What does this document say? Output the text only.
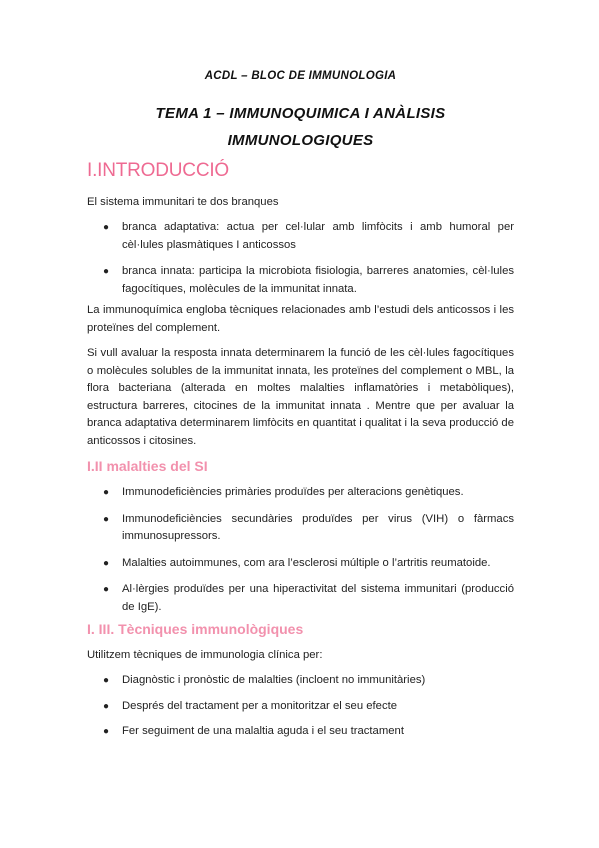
ACDL – BLOC DE IMMUNOLOGIA
TEMA 1 – IMMUNOQUIMICA I ANÀLISIS
IMMUNOLOGIQUES
I.INTRODUCCIÓ
El sistema immunitari te dos branques
● branca adaptativa: actua per cel·lular amb limfòcits i amb humoral per cèl·lules plasmàtiques I anticossos
● branca innata: participa la microbiota fisiologia, barreres anatomies, cèl·lules fagocítiques, molècules de la immunitat innata.
La immunoquímica engloba tècniques relacionades amb l’estudi dels anticossos i les proteïnes del complement.
Si vull avaluar la resposta innata determinarem la funció de les cèl·lules fagocítiques o molècules solubles de la immunitat innata, les proteïnes del complement o MBL, la flora bacteriana (alterada en moltes malalties inflamatòries i metabòliques), estructura barreres, citocines de la immunitat innata . Mentre que per avaluar la branca adaptativa determinarem limfòcits en quantitat i qualitat i la seva producció de anticossos i citosines.
I.II malalties del SI
● Immunodeficiències primàries produïdes per alteracions genètiques.
● Immunodeficiències secundàries produïdes per virus (VIH) o fàrmacs immunosupressors.
● Malalties autoimmunes, com ara l’esclerosi múltiple o l’artritis reumatoide.
● Al·lèrgies produïdes per una hiperactivitat del sistema immunitari (producció de IgE).
I. III. Tècniques immunològiques
Utilitzem tècniques de immunologia clínica per:
● Diagnòstic i pronòstic de malalties (incloent no immunitàries)
● Després del tractament per a monitoritzar el seu efecte
● Fer seguiment de una malaltia aguda i el seu tractament
